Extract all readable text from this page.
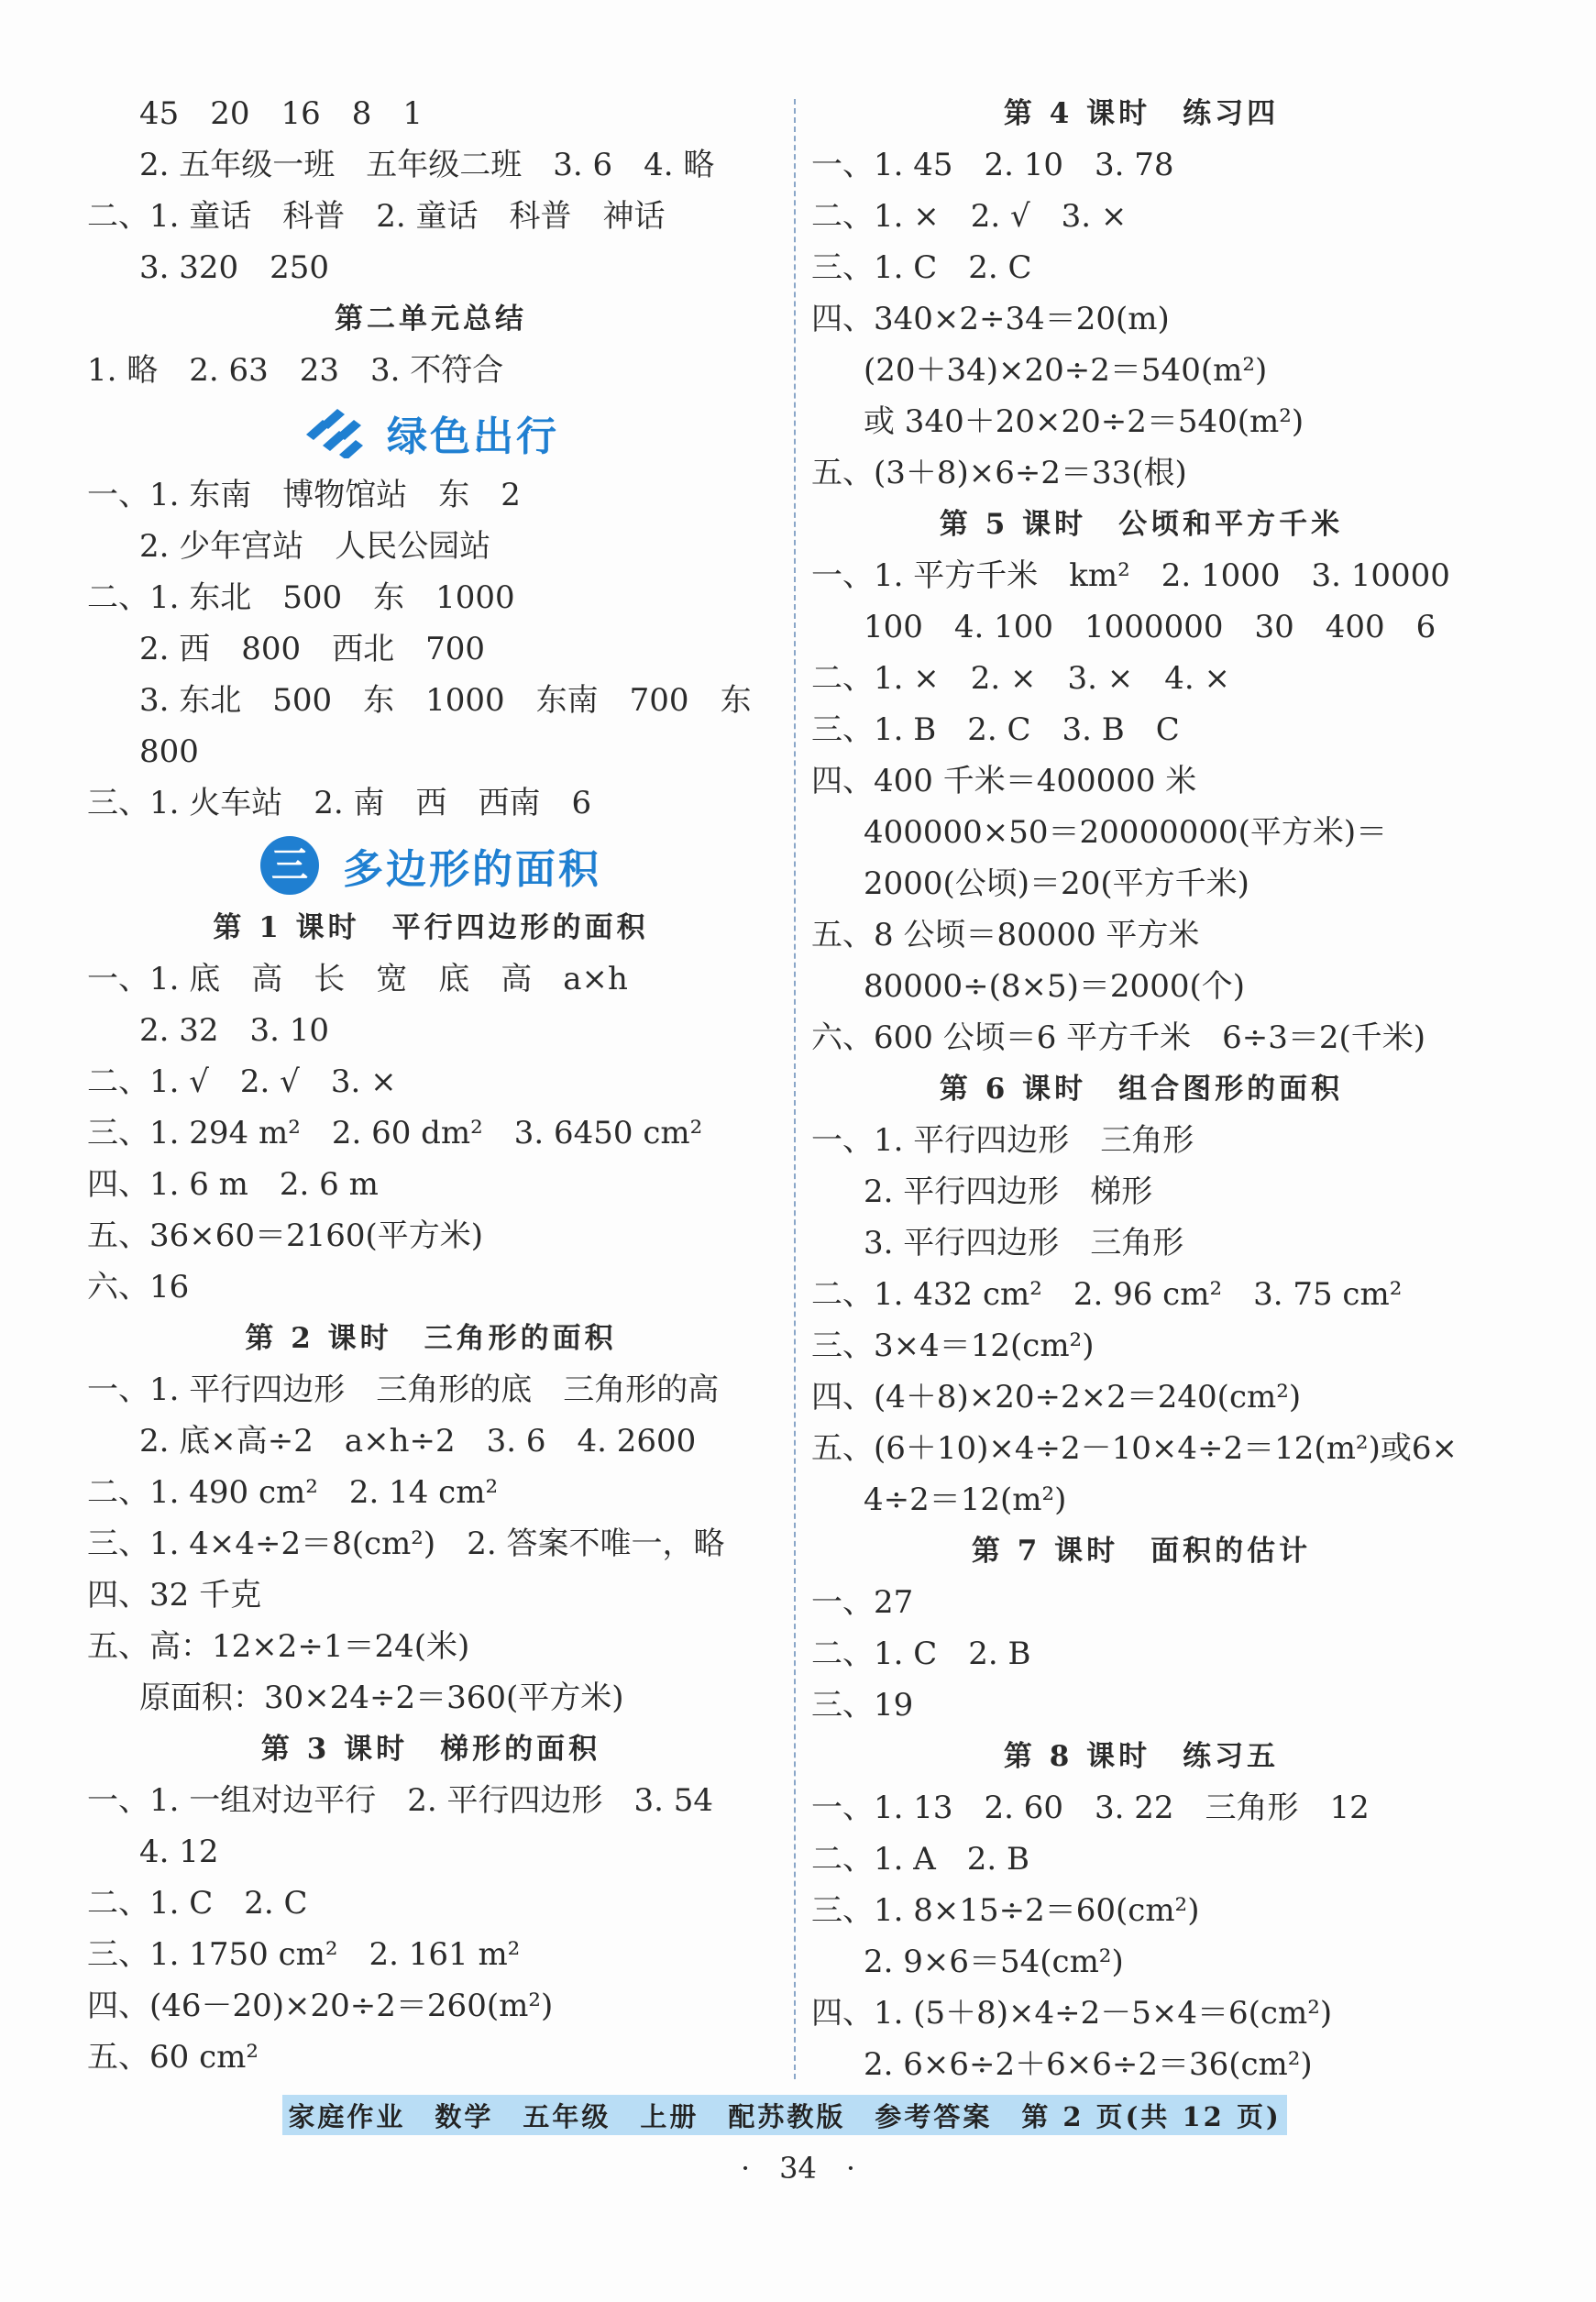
45　20　16　8　1
2. 五年级一班　五年级二班　3. 6　4. 略
二、1. 童话　科普　2. 童话　科普　神话
3. 320　250
第二单元总结
1. 略　2. 63　23　3. 不符合
绿色出行
一、1. 东南　博物馆站　东　2
2. 少年宫站　人民公园站
二、1. 东北　500　东　1000
2. 西　800　西北　700
3. 东北　500　东　1000　东南　700　东
800
三、1. 火车站　2. 南　西　西南　6
三 多边形的面积
第 1 课时　平行四边形的面积
一、1. 底　高　长　宽　底　高　a×h
2. 32　3. 10
二、1. √　2. √　3. ×
三、1. 294 m²　2. 60 dm²　3. 6450 cm²
四、1. 6 m　2. 6 m
五、36×60＝2160(平方米)
六、16
第 2 课时　三角形的面积
一、1. 平行四边形　三角形的底　三角形的高
2. 底×高÷2　a×h÷2　3. 6　4. 2600
二、1. 490 cm²　2. 14 cm²
三、1. 4×4÷2＝8(cm²)　2. 答案不唯一，略
四、32 千克
五、高：12×2÷1＝24(米)
原面积：30×24÷2＝360(平方米)
第 3 课时　梯形的面积
一、1. 一组对边平行　2. 平行四边形　3. 54
4. 12
二、1. C　2. C
三、1. 1750 cm²　2. 161 m²
四、(46－20)×20÷2＝260(m²)
五、60 cm²
第 4 课时　练习四
一、1. 45　2. 10　3. 78
二、1. ×　2. √　3. ×
三、1. C　2. C
四、340×2÷34＝20(m)
(20＋34)×20÷2＝540(m²)
或 340＋20×20÷2＝540(m²)
五、(3＋8)×6÷2＝33(根)
第 5 课时　公顷和平方千米
一、1. 平方千米　km²　2. 1000　3. 10000
100　4. 100　1000000　30　400　6
二、1. ×　2. ×　3. ×　4. ×
三、1. B　2. C　3. B　C
四、400 千米＝400000 米
400000×50＝20000000(平方米)＝
2000(公顷)＝20(平方千米)
五、8 公顷＝80000 平方米
80000÷(8×5)＝2000(个)
六、600 公顷＝6 平方千米　6÷3＝2(千米)
第 6 课时　组合图形的面积
一、1. 平行四边形　三角形
2. 平行四边形　梯形
3. 平行四边形　三角形
二、1. 432 cm²　2. 96 cm²　3. 75 cm²
三、3×4＝12(cm²)
四、(4＋8)×20÷2×2＝240(cm²)
五、(6＋10)×4÷2－10×4÷2＝12(m²)或6×
4÷2＝12(m²)
第 7 课时　面积的估计
一、27
二、1. C　2. B
三、19
第 8 课时　练习五
一、1. 13　2. 60　3. 22　三角形　12
二、1. A　2. B
三、1. 8×15÷2＝60(cm²)
2. 9×6＝54(cm²)
四、1. (5＋8)×4÷2－5×4＝6(cm²)
2. 6×6÷2＋6×6÷2＝36(cm²)
家庭作业　数学　五年级　上册　配苏教版　参考答案　第 2 页(共 12 页)
·　34　·
